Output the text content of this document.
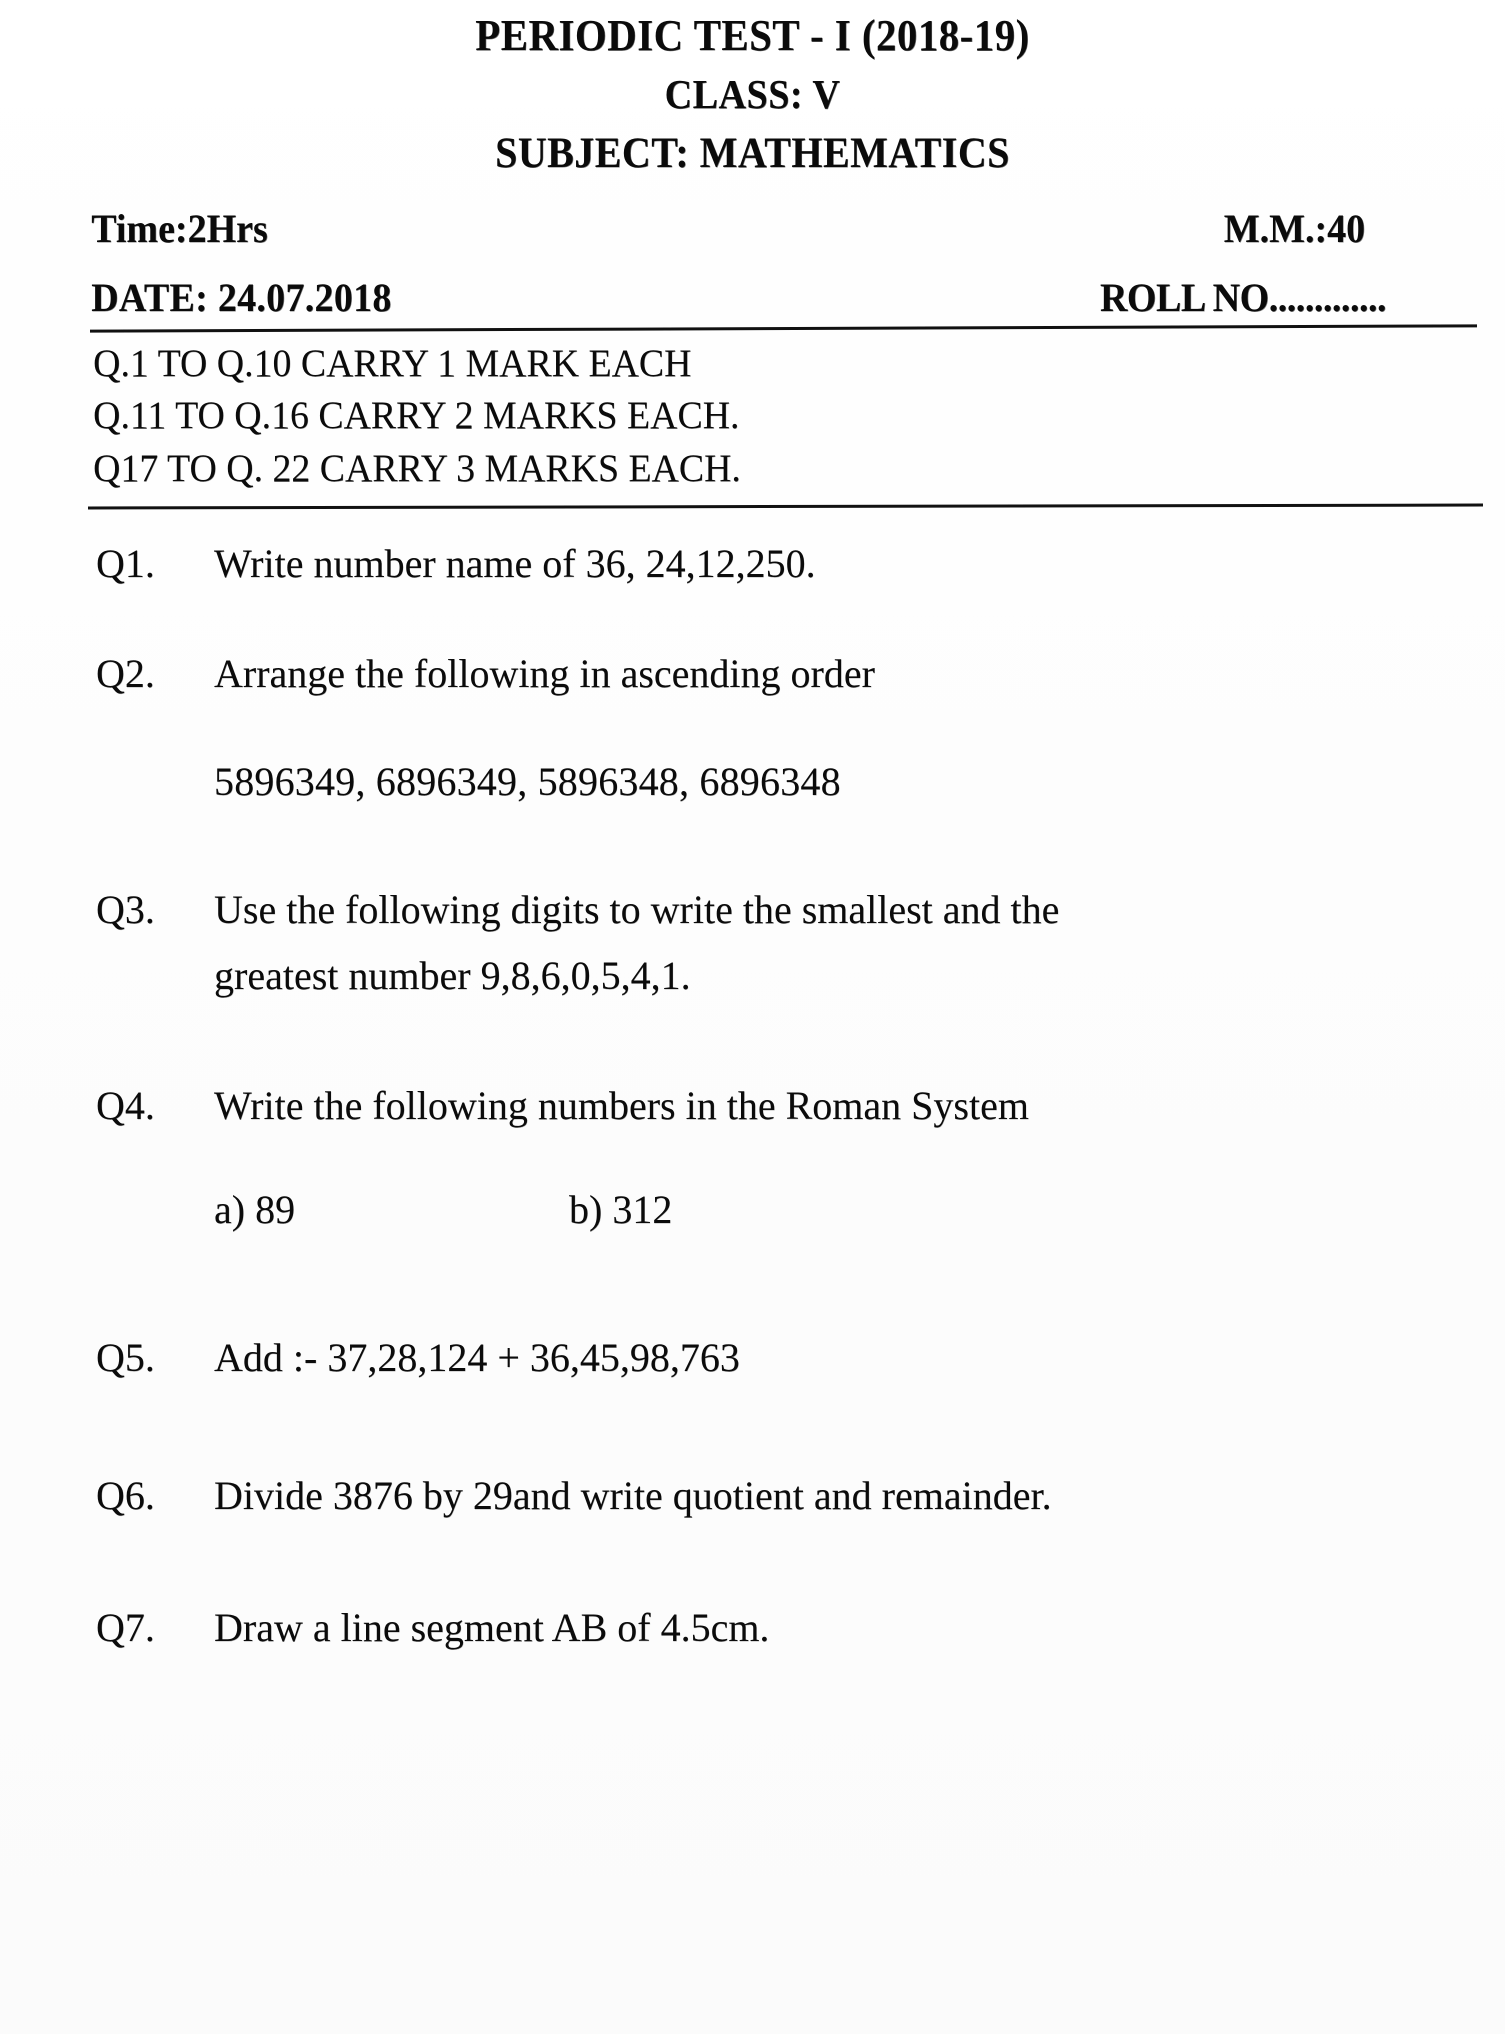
PERIODIC TEST - I (2018-19)
CLASS: V
SUBJECT: MATHEMATICS
Time:2Hrs	M.M.:40
DATE: 24.07.2018	ROLL NO.............
Q.1 TO Q.10 CARRY 1 MARK EACH
Q.11 TO Q.16 CARRY 2 MARKS EACH.
Q17 TO Q. 22 CARRY 3 MARKS EACH.
Q1.	Write number name of 36, 24,12,250.
Q2.	Arrange the following in ascending order
5896349, 6896349, 5896348, 6896348
Q3.	Use the following digits to write the smallest and the
greatest number 9,8,6,0,5,4,1.
Q4.	Write the following numbers in the Roman System
a) 89	b) 312
Q5.	Add :- 37,28,124 + 36,45,98,763
Q6.	Divide 3876 by 29and write quotient and remainder.
Q7.	Draw a line segment AB of 4.5cm.
